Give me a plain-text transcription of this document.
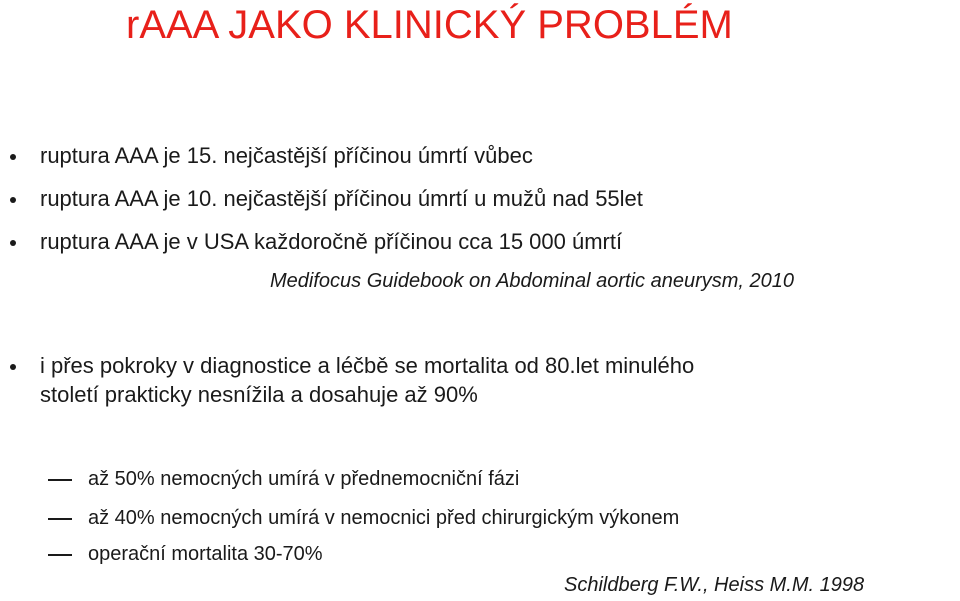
rAAA JAKO KLINICKÝ PROBLÉM
ruptura AAA je 15. nejčastější příčinou úmrtí vůbec
ruptura AAA je 10. nejčastější příčinou úmrtí u mužů nad 55let
ruptura AAA je v USA každoročně příčinou cca 15 000 úmrtí
Medifocus Guidebook on Abdominal aortic aneurysm, 2010
i přes pokroky v diagnostice a léčbě se mortalita od 80.let minulého
století prakticky nesnížila a dosahuje až 90%
až 50% nemocných umírá v přednemocniční fázi
až 40% nemocných umírá v nemocnici před chirurgickým výkonem
operační mortalita 30-70%
Schildberg F.W., Heiss M.M. 1998
